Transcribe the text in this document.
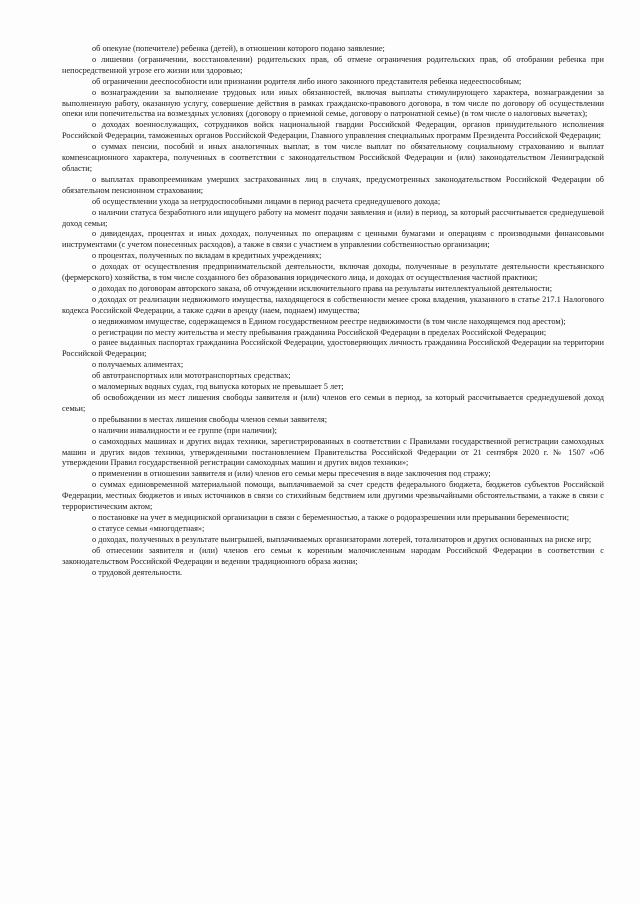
об опекуне (попечителе) ребенка (детей), в отношении которого подано заявление;

о лишении (ограничении, восстановлении) родительских прав, об отмене ограничения родительских прав, об отобрании ребенка при непосредственной угрозе его жизни или здоровью;

об ограничении дееспособности или признании родителя либо иного законного представителя ребенка недееспособным;

о вознаграждении за выполнение трудовых или иных обязанностей, включая выплаты стимулирующего характера, вознаграждении за выполненную работу, оказанную услугу, совершение действия в рамках гражданско-правового договора, в том числе по договору об осуществлении опеки или попечительства на возмездных условиях (договору о приемной семье, договору о патронатной семье) (в том числе о налоговых вычетах);

о доходах военнослужащих, сотрудников войск национальной гвардии Российской Федерации, органов принудительного исполнения Российской Федерации, таможенных органов Российской Федерации, Главного управления специальных программ Президента Российской Федерации;

о суммах пенсии, пособий и иных аналогичных выплат, в том числе выплат по обязательному социальному страхованию и выплат компенсационного характера, полученных в соответствии с законодательством Российской Федерации и (или) законодательством Ленинградской области;

о выплатах правопреемникам умерших застрахованных лиц в случаях, предусмотренных законодательством Российской Федерации об обязательном пенсионном страховании;

об осуществлении ухода за нетрудоспособными лицами в период расчета среднедушевого дохода;

о наличии статуса безработного или ищущего работу на момент подачи заявления и (или) в период, за который рассчитывается среднедушевой доход семьи;

о дивидендах, процентах и иных доходах, полученных по операциям с ценными бумагами и операциям с производными финансовыми инструментами (с учетом понесенных расходов), а также в связи с участием в управлении собственностью организации;

о процентах, полученных по вкладам в кредитных учреждениях;

о доходах от осуществления предпринимательской деятельности, включая доходы, полученные в результате деятельности крестьянского (фермерского) хозяйства, в том числе созданного без образования юридического лица, и доходах от осуществления частной практики;

о доходах по договорам авторского заказа, об отчуждении исключительного права на результаты интеллектуальной деятельности;

о доходах от реализации недвижимого имущества, находящегося в собственности менее срока владения, указанного в статье 217.1 Налогового кодекса Российской Федерации, а также сдачи в аренду (наем, поднаем) имущества;

о недвижимом имуществе, содержащемся в Едином государственном реестре недвижимости (в том числе находящемся под арестом);

о регистрации по месту жительства и месту пребывания гражданина Российской Федерации в пределах Российской Федерации;

о ранее выданных паспортах гражданина Российской Федерации, удостоверяющих личность гражданина Российской Федерации на территории Российской Федерации;

о получаемых алиментах;

об автотранспортных или мототранспортных средствах;

о маломерных водных судах, год выпуска которых не превышает 5 лет;

об освобождении из мест лишения свободы заявителя и (или) членов его семьи в период, за который рассчитывается среднедушевой доход семьи;

о пребывании в местах лишения свободы членов семьи заявителя;

о наличии инвалидности и ее группе (при наличии);

о самоходных машинах и других видах техники, зарегистрированных в соответствии с Правилами государственной регистрации самоходных машин и других видов техники, утвержденными постановлением Правительства Российской Федерации от 21 сентября 2020 г. № 1507 «Об утверждении Правил государственной регистрации самоходных машин и других видов техники»;

о применении в отношении заявителя и (или) членов его семьи меры пресечения в виде заключения под стражу;

о суммах единовременной материальной помощи, выплачиваемой за счет средств федерального бюджета, бюджетов субъектов Российской Федерации, местных бюджетов и иных источников в связи со стихийным бедствием или другими чрезвычайными обстоятельствами, а также в связи с террористическим актом;

о постановке на учет в медицинской организации в связи с беременностью, а также о родоразрешении или прерывании беременности;

о статусе семьи «многодетная»;

о доходах, полученных в результате выигрышей, выплачиваемых организаторами лотерей, тотализаторов и других основанных на риске игр;

об отнесении заявителя и (или) членов его семьи к коренным малочисленным народам Российской Федерации в соответствии с законодательством Российской Федерации и ведении традиционного образа жизни;

о трудовой деятельности.
